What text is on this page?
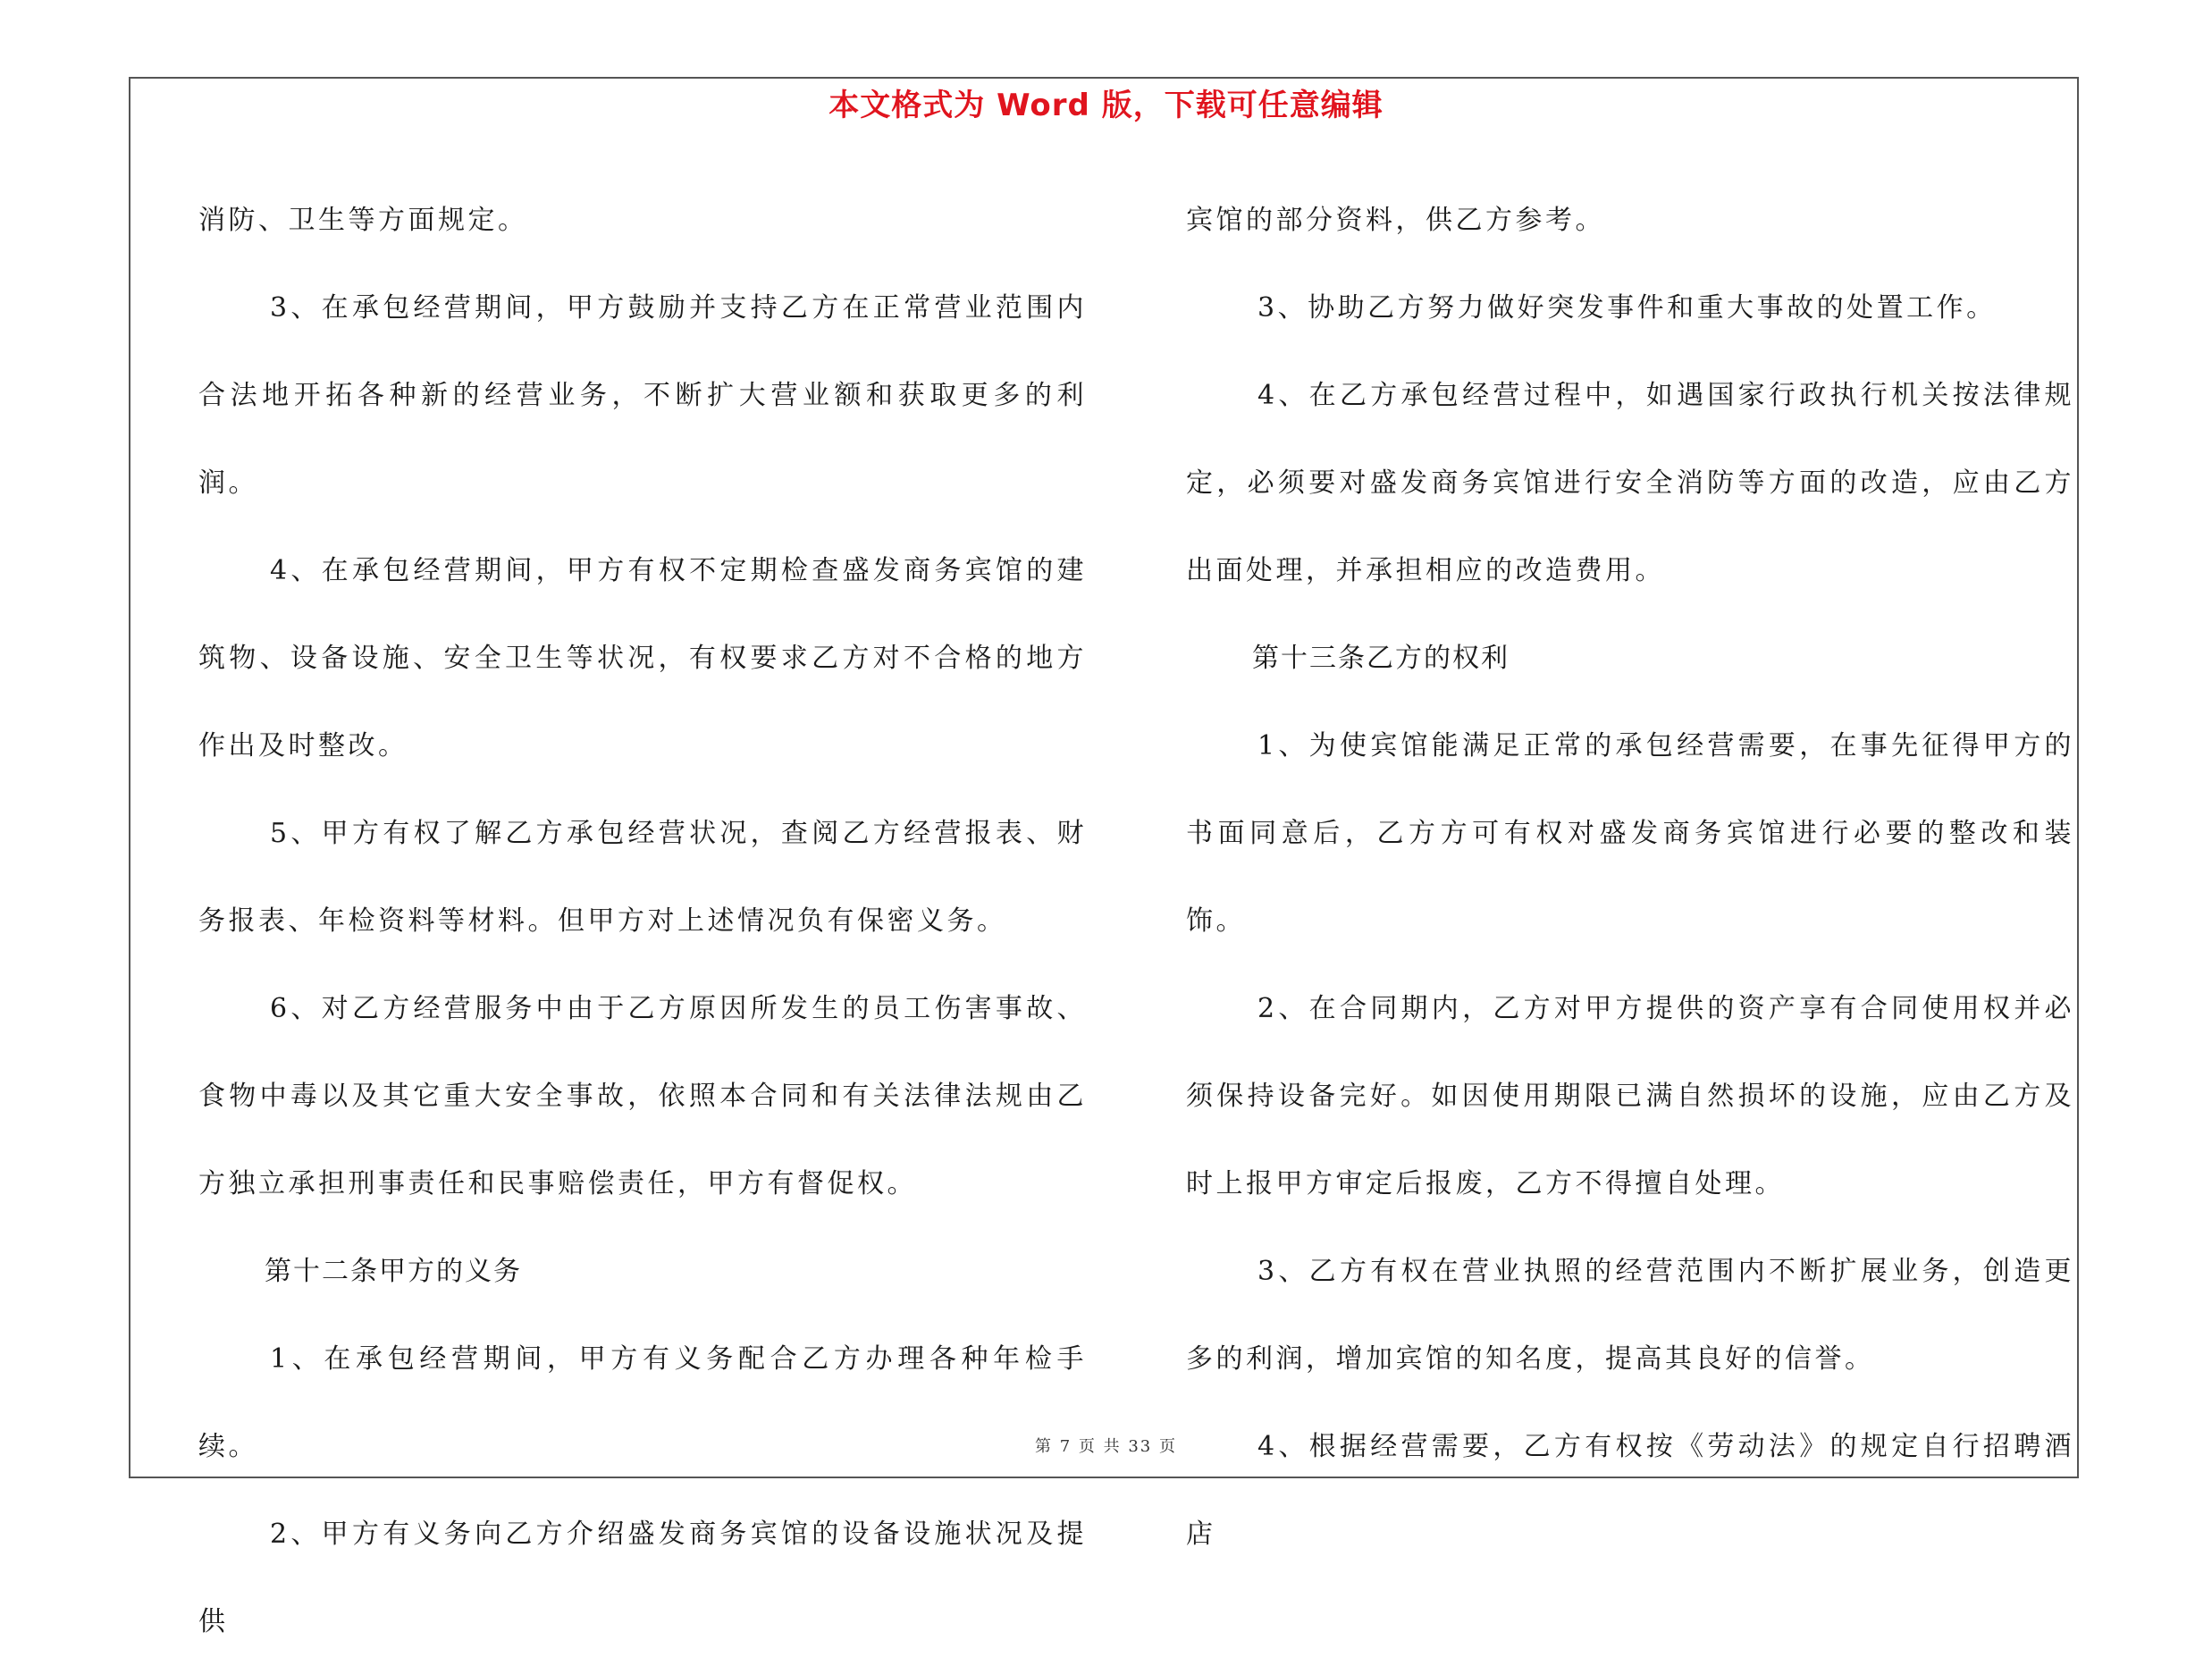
本文格式为 Word 版，下载可任意编辑

消防、卫生等方面规定。

3、在承包经营期间，甲方鼓励并支持乙方在正常营业范围内合法地开拓各种新的经营业务，不断扩大营业额和获取更多的利润。

4、在承包经营期间，甲方有权不定期检查盛发商务宾馆的建筑物、设备设施、安全卫生等状况，有权要求乙方对不合格的地方作出及时整改。

5、甲方有权了解乙方承包经营状况，查阅乙方经营报表、财务报表、年检资料等材料。但甲方对上述情况负有保密义务。

6、对乙方经营服务中由于乙方原因所发生的员工伤害事故、食物中毒以及其它重大安全事故，依照本合同和有关法律法规由乙方独立承担刑事责任和民事赔偿责任，甲方有督促权。

第十二条甲方的义务

1、在承包经营期间，甲方有义务配合乙方办理各种年检手续。

2、甲方有义务向乙方介绍盛发商务宾馆的设备设施状况及提供

宾馆的部分资料，供乙方参考。

3、协助乙方努力做好突发事件和重大事故的处置工作。

4、在乙方承包经营过程中，如遇国家行政执行机关按法律规定，必须要对盛发商务宾馆进行安全消防等方面的改造，应由乙方出面处理，并承担相应的改造费用。

第十三条乙方的权利

1、为使宾馆能满足正常的承包经营需要，在事先征得甲方的书面同意后，乙方方可有权对盛发商务宾馆进行必要的整改和装饰。

2、在合同期内，乙方对甲方提供的资产享有合同使用权并必须保持设备完好。如因使用期限已满自然损坏的设施，应由乙方及时上报甲方审定后报废，乙方不得擅自处理。

3、乙方有权在营业执照的经营范围内不断扩展业务，创造更多的利润，增加宾馆的知名度，提高其良好的信誉。

4、根据经营需要，乙方有权按《劳动法》的规定自行招聘酒店

第 7 页 共 33 页
